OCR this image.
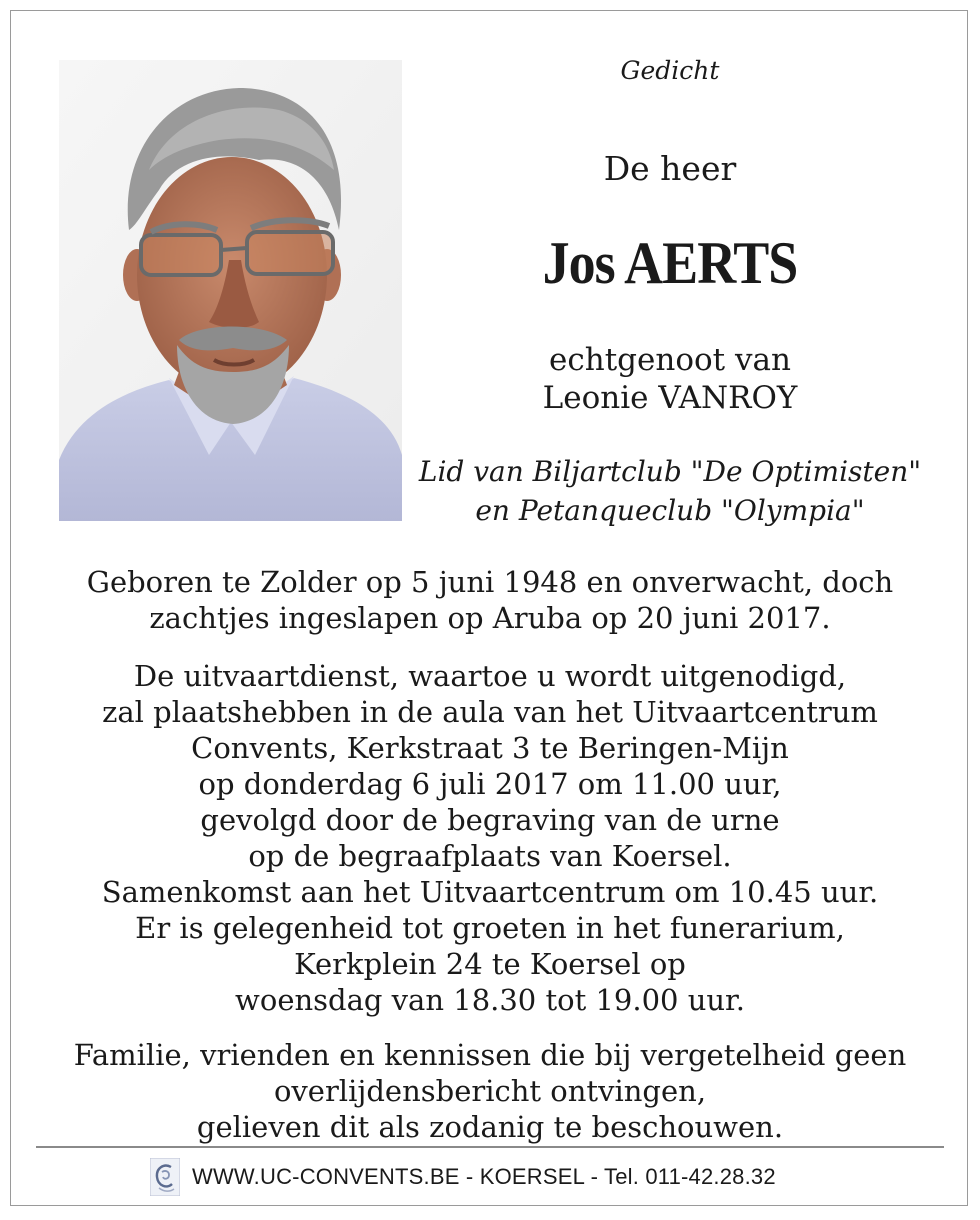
Gedicht
De heer
Jos AERTS
echtgenoot van
Leonie VANROY
Lid van Biljartclub "De Optimisten"
en Petanqueclub "Olympia"
Geboren te Zolder op 5 juni 1948 en onverwacht, doch
zachtjes ingeslapen op Aruba op 20 juni 2017.
De uitvaartdienst, waartoe u wordt uitgenodigd,
zal plaatshebben in de aula van het Uitvaartcentrum
Convents, Kerkstraat 3 te Beringen-Mijn
op donderdag 6 juli 2017 om 11.00 uur,
gevolgd door de begraving van de urne
op de begraafplaats van Koersel.
Samenkomst aan het Uitvaartcentrum om 10.45 uur.
Er is gelegenheid tot groeten in het funerarium,
Kerkplein 24 te Koersel op
woensdag van 18.30 tot 19.00 uur.
Familie, vrienden en kennissen die bij vergetelheid geen
overlijdensbericht ontvingen,
gelieven dit als zodanig te beschouwen.
WWW.UC-CONVENTS.BE - KOERSEL - Tel. 011-42.28.32
